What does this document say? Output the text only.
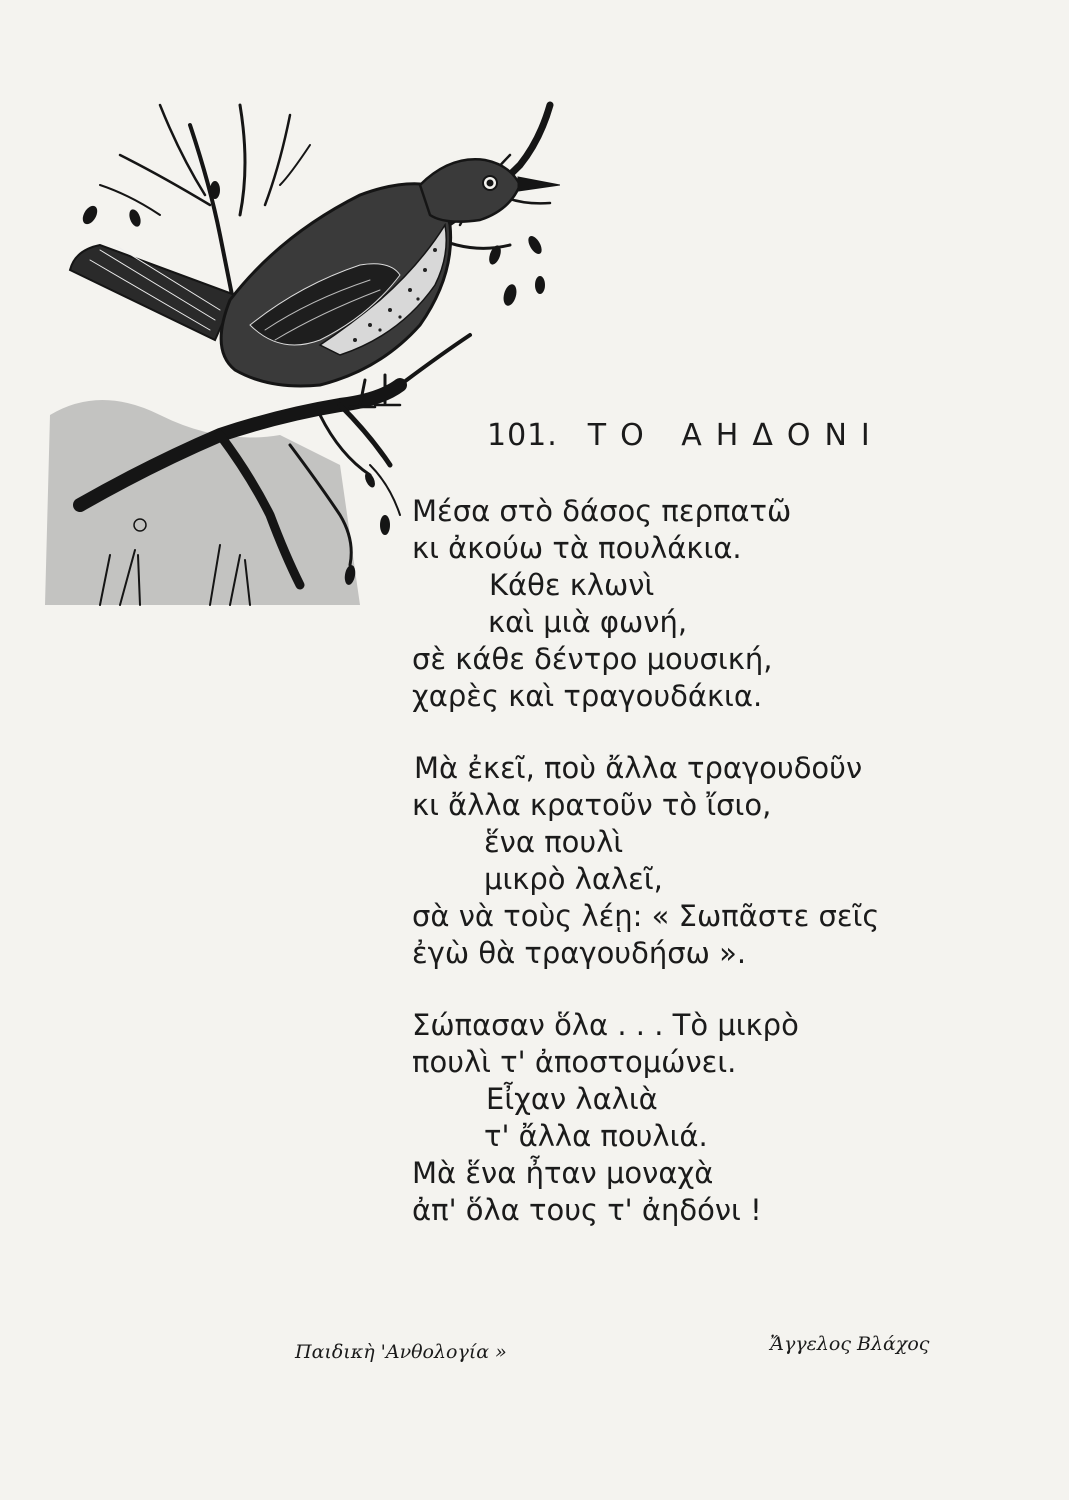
101. ΤΟ ΑΗΔΟΝΙ
Μέσα στὸ δάσος περπατῶ
κι ἀκούω τὰ πουλάκια.
Κάθε κλωνὶ
καὶ μιὰ φωνή,
σὲ κάθε δέντρο μουσική,
χαρὲς καὶ τραγουδάκια.
Μὰ ἐκεῖ, ποὺ ἄλλα τραγουδοῦν
κι ἄλλα κρατοῦν τὸ ἴσιο,
ἕνα πουλὶ
μικρὸ λαλεῖ,
σὰ νὰ τοὺς λέῃ: « Σωπᾶστε σεῖς
ἐγὼ θὰ τραγουδήσω ».
Σώπασαν ὅλα . . . Τὸ μικρὸ
πουλὶ τ' ἀποστομώνει.
Εἶχαν λαλιὰ
τ' ἄλλα πουλιά.
Μὰ ἕνα ἦταν μοναχὰ
ἀπ' ὅλα τους τ' ἀηδόνι !
Παιδικὴ 'Ανθολογία »	Ἄγγελος Βλάχος
